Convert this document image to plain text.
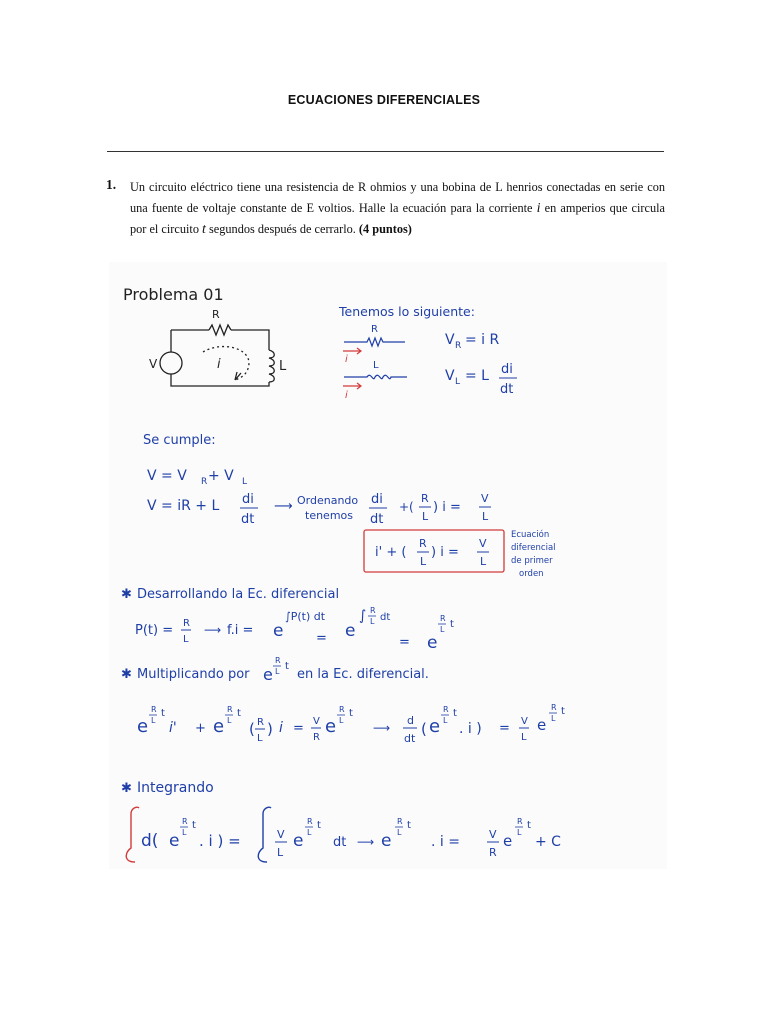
ECUACIONES DIFERENCIALES
1. Un circuito eléctrico tiene una resistencia de R ohmios y una bobina de L henrios conectadas en serie con una fuente de voltaje constante de E voltios. Halle la ecuación para la corriente i en amperios que circula por el circuito t segundos después de cerrarlo. (4 puntos)
Problema 01
R
V	i	L
Tenemos lo siguiente:
R
L
i
i
V R = i R
V L = L di
dt
Se cumple:
V = V R + V L
V = iR + L di
dt
⟶ Ordenando
tenemos
di
dt
+(
R
L
) i =
V
L
i' + (
R
L
) i =
V
L
Ecuación
diferencial
de primer
orden
✱ Desarrollando la Ec. diferencial
P(t) = R
L
⟶ f.i = e
∫P(t) dt
= e
∫ R
L dt
= e
R
L t
✱ Multiplicando por e
R
L t
en la Ec. diferencial.
e
R
L
t
i' + e
R
L
t
( R
L
) i = V
R
e
R
L
t
⟶
d
dt
( e
R
L
t
. i ) = V
L
e
R
L
t
✱ Integrando
d( e
R
L
t
. i ) =	V
L
e
R
L
t
dt ⟶ e
R
L
t
. i =	V
R
e
R
L
t
+ C
